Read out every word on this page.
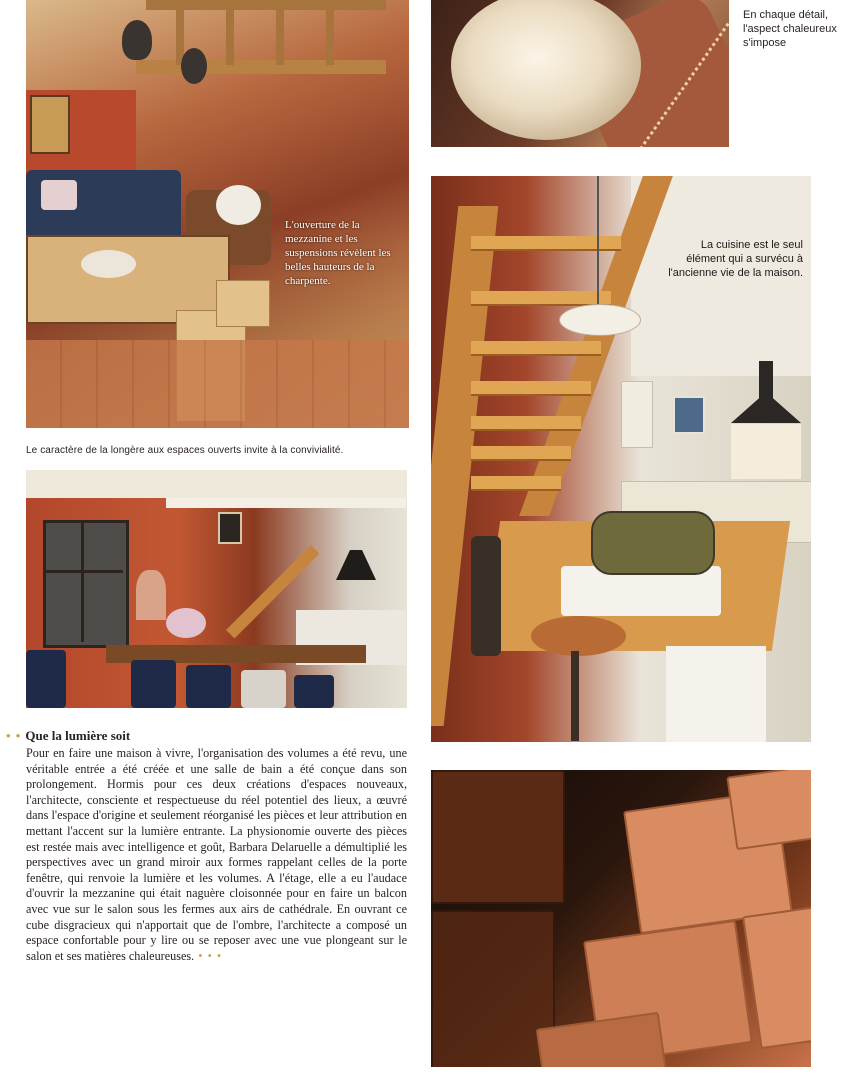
L'ouverture de la mezzanine et les suspensions révèlent les belles hauteurs de la charpente.
En chaque détail, l'aspect chaleureux s'impose
Le caractère de la longère aux espaces ouverts invite à la convivialité.
La cuisine est le seul élément qui a survécu à l'ancienne vie de la maison.
• • Que la lumière soit
Pour en faire une maison à vivre, l'organisation des volumes a été revu, une véritable entrée a été créée et une salle de bain a été conçue dans son prolongement. Hormis pour ces deux créations d'espaces nouveaux, l'architecte, consciente et respectueuse du réel potentiel des lieux, a œuvré dans l'espace d'origine et seulement réorganisé les pièces et leur attribution en mettant l'accent sur la lumière entrante. La physionomie ouverte des pièces est restée mais avec intelligence et goût, Barbara Delaruelle a démultiplié les perspectives avec un grand miroir aux formes rappelant celles de la porte fenêtre, qui renvoie la lumière et les volumes. A l'étage, elle a eu l'audace d'ouvrir la mezzanine qui était naguère cloisonnée pour en faire un balcon avec vue sur le salon sous les fermes aux airs de cathédrale. En ouvrant ce cube disgracieux qui n'apportait que de l'ombre, l'architecte a composé un espace confortable pour y lire ou se reposer avec une vue plongeant sur le salon et ses matières chaleureuses. • • •
